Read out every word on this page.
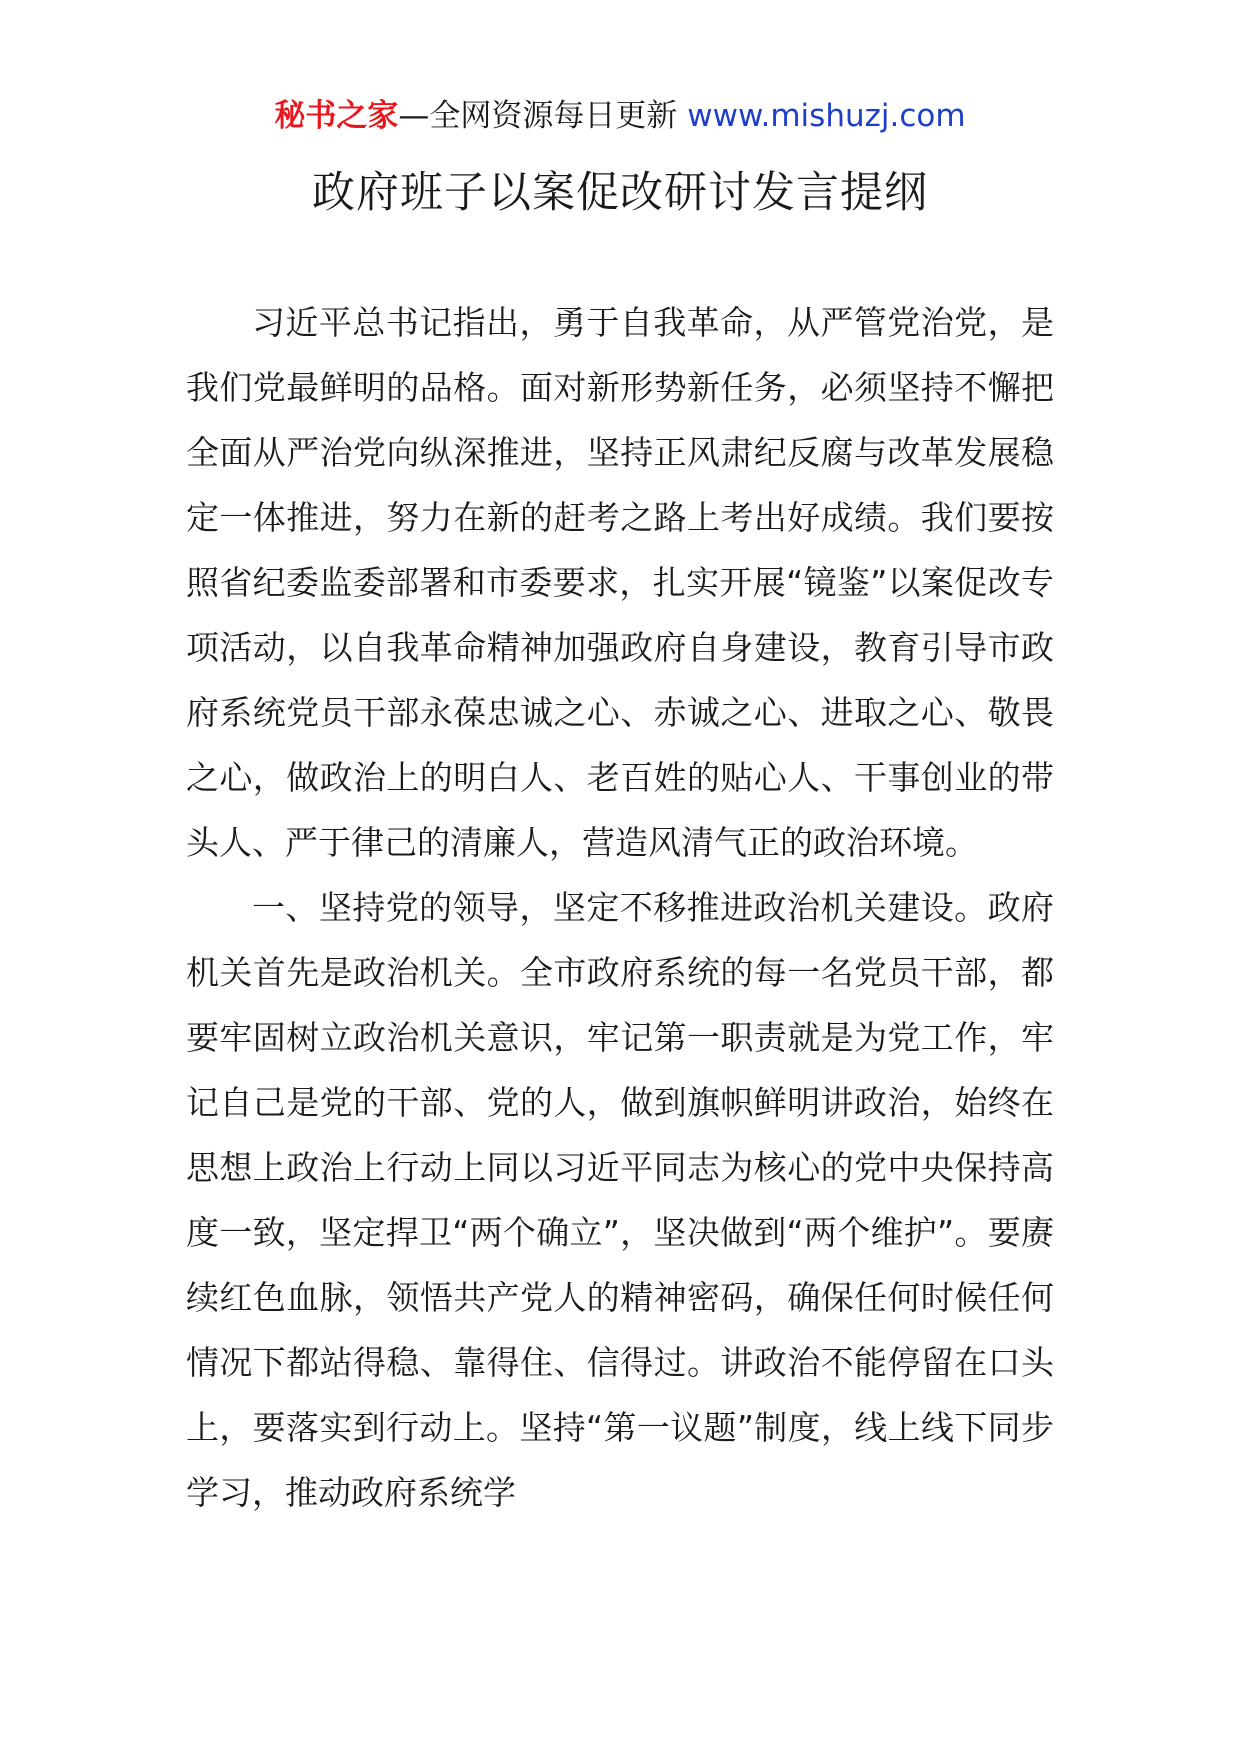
秘书之家—全网资源每日更新 www.mishuzj.com
政府班子以案促改研讨发言提纲

习近平总书记指出，勇于自我革命，从严管党治党，是我们党最鲜明的品格。面对新形势新任务，必须坚持不懈把全面从严治党向纵深推进，坚持正风肃纪反腐与改革发展稳定一体推进，努力在新的赶考之路上考出好成绩。我们要按照省纪委监委部署和市委要求，扎实开展“镜鉴”以案促改专项活动，以自我革命精神加强政府自身建设，教育引导市政府系统党员干部永葆忠诚之心、赤诚之心、进取之心、敬畏之心，做政治上的明白人、老百姓的贴心人、干事创业的带头人、严于律己的清廉人，营造风清气正的政治环境。

一、坚持党的领导，坚定不移推进政治机关建设。政府机关首先是政治机关。全市政府系统的每一名党员干部，都要牢固树立政治机关意识，牢记第一职责就是为党工作，牢记自己是党的干部、党的人，做到旗帜鲜明讲政治，始终在思想上政治上行动上同以习近平同志为核心的党中央保持高度一致，坚定捍卫“两个确立”，坚决做到“两个维护”。要赓续红色血脉，领悟共产党人的精神密码，确保任何时候任何情况下都站得稳、靠得住、信得过。讲政治不能停留在口头上，要落实到行动上。坚持“第一议题”制度，线上线下同步学习，推动政府系统学
